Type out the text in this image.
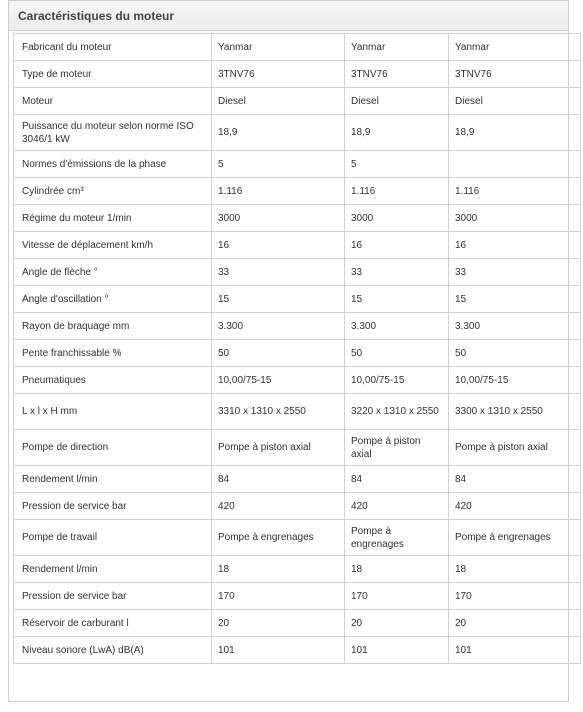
Caractéristiques du moteur
Fabricant du moteur	Yanmar	Yanmar	Yanmar
Type de moteur	3TNV76	3TNV76	3TNV76
Moteur	Diesel	Diesel	Diesel
Puissance du moteur selon norme ISO 3046/1 kW	18,9	18,9	18,9
Normes d'émissions de la phase	5	5	
Cylindrée cm³	1.116	1.116	1.116
Régime du moteur 1/min	3000	3000	3000
Vitesse de déplacement km/h	16	16	16
Angle de flèche °	33	33	33
Angle d'oscillation °	15	15	15
Rayon de braquage mm	3.300	3.300	3.300
Pente franchissable %	50	50	50
Pneumatiques	10,00/75-15	10,00/75-15	10,00/75-15
L x l x H mm	3310 x 1310 x 2550	3220 x 1310 x 2550	3300 x 1310 x 2550
Pompe de direction	Pompe à piston axial	Pompe à piston axial	Pompe à piston axial
Rendement l/min	84	84	84
Pression de service bar	420	420	420
Pompe de travail	Pompe à engrenages	Pompe à engrenages	Pompe à engrenages
Rendement l/min	18	18	18
Pression de service bar	170	170	170
Réservoir de carburant l	20	20	20
Niveau sonore (LwA) dB(A)	101	101	101
